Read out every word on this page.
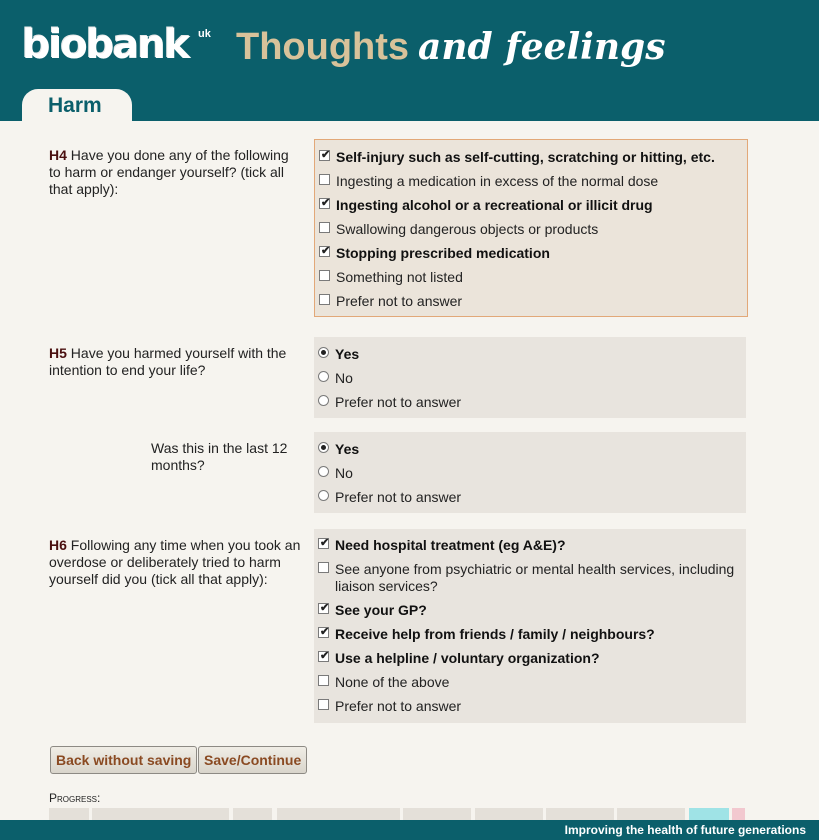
biobank uk Thoughts and feelings
Harm
H4 Have you done any of the following to harm or endanger yourself? (tick all that apply):
✔
Self-injury such as self-cutting, scratching or hitting, etc.
Ingesting a medication in excess of the normal dose
✔
Ingesting alcohol or a recreational or illicit drug
Swallowing dangerous objects or products
✔
Stopping prescribed medication
Something not listed
Prefer not to answer
H5 Have you harmed yourself with the intention to end your life?
Yes
No
Prefer not to answer
Was this in the last 12 months?
Yes
No
Prefer not to answer
H6 Following any time when you took an overdose or deliberately tried to harm yourself did you (tick all that apply):
✔
Need hospital treatment (eg A&E)?
See anyone from psychiatric or mental health services, including liaison services?
✔
See your GP?
✔
Receive help from friends / family / neighbours?
✔
Use a helpline / voluntary organization?
None of the above
Prefer not to answer
Back without saving Save/Continue
Progress:
Improving the health of future generations
